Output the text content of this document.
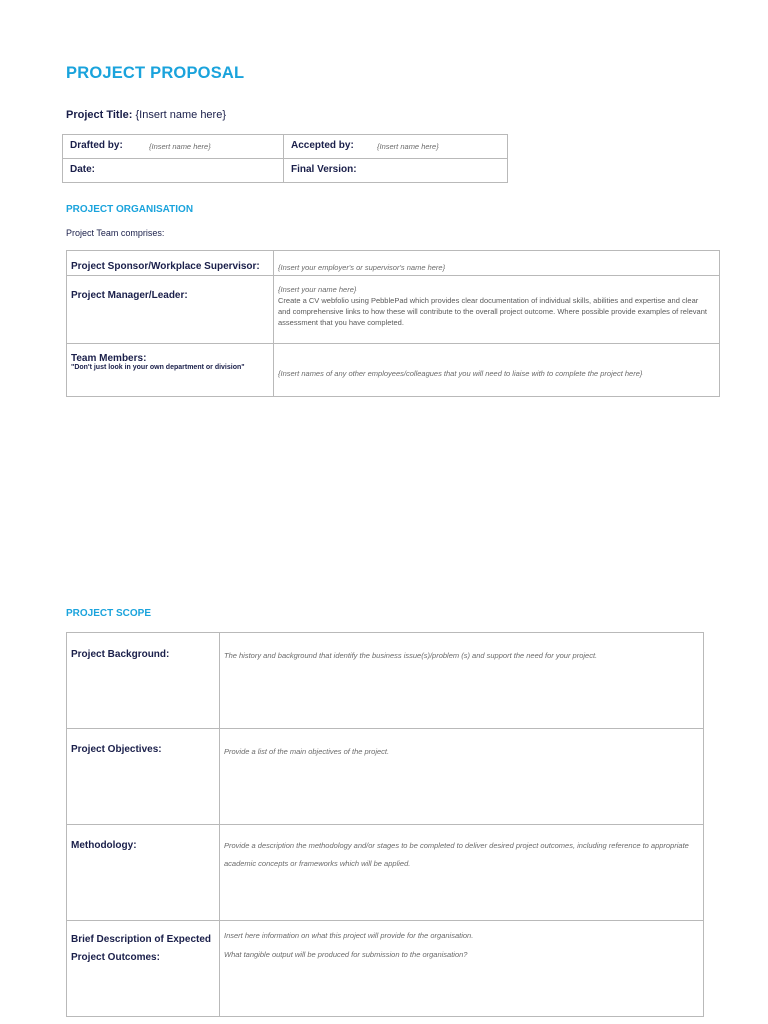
PROJECT PROPOSAL
Project Title: {Insert name here}
Drafted by: {Insert name here}	Accepted by: {Insert name here}

Date:	Final Version:
PROJECT ORGANISATION
Project Team comprises:
Project Sponsor/Workplace Supervisor:	{Insert your employer's or supervisor's name here}
Project Manager/Leader:	{Insert your name here}
Create a CV webfolio using PebblePad which provides clear documentation of individual skills, abilities and expertise and clear and comprehensive links to how these will contribute to the overall project outcome. Where possible provide examples of relevant assessment that you have completed.

Team Members:
"Don't just look in your own department or division"	{Insert names of any other employees/colleagues that you will need to liaise with to complete the project here}
PROJECT SCOPE
Project Background:	The history and background that identify the business issue(s)/problem (s) and support the need for your project.
Project Objectives:	Provide a list of the main objectives of the project.
Methodology:	Provide a description the methodology and/or stages to be completed to deliver desired project outcomes, including reference to appropriate academic concepts or frameworks which will be applied.
Brief Description of Expected Project Outcomes:	Insert here information on what this project will provide for the organisation.
What tangible output will be produced for submission to the organisation?
